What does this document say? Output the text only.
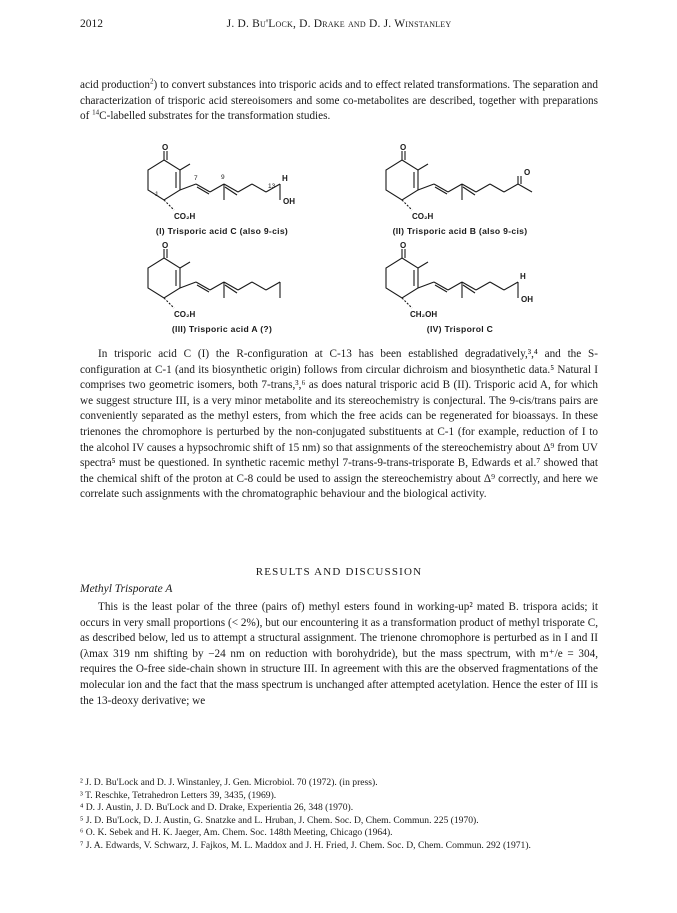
2012	J. D. Bu'Lock, D. Drake and D. J. Winstanley

acid production$^2$) to convert substances into trisporic acids and to effect related transformations. The separation and characterization of trisporic acid stereoisomers and some co-metabolites are described, together with preparations of $^{14}$C-labelled substrates for the transformation studies.

O
CO₂H
H
OH
1
7	9
13
(I) Trisporic acid C (also 9-cis)
O
CO₂H
O
(II) Trisporic acid B (also 9-cis)
O
CO₂H
(III) Trisporic acid A (?)
O
CH₂OH
H
OH
(IV) Trisporol C

In trisporic acid C (I) the R-configuration at C-13 has been established degradatively,³,⁴ and the S-configuration at C-1 (and its biosynthetic origin) follows from circular dichroism and biosynthetic data.⁵ Natural I comprises two geometric isomers, both 7-trans,³,⁶ as does natural trisporic acid B (II). Trisporic acid A, for which we suggest structure III, is a very minor metabolite and its stereochemistry is conjectural. The 9-cis/trans pairs are conveniently separated as the methyl esters, from which the free acids can be regenerated for bioassays. In these trienones the chromophore is perturbed by the non-conjugated substituents at C-1 (for example, reduction of I to the alcohol IV causes a hypsochromic shift of 15 nm) so that assignments of the stereochemistry about Δ⁹ from UV spectra⁵ must be questioned. In synthetic racemic methyl 7-trans-9-trans-trisporate B, Edwards et al.⁷ showed that the chemical shift of the proton at C-8 could be used to assign the stereochemistry about Δ⁹ correctly, and here we correlate such assignments with the chromatographic behaviour and the biological activity.

RESULTS AND DISCUSSION
Methyl Trisporate A

This is the least polar of the three (pairs of) methyl esters found in working-up² mated B. trispora acids; it occurs in very small proportions (< 2%), but our encountering it as a transformation product of methyl trisporate C, as described below, led us to attempt a structural assignment. The trienone chromophore is perturbed as in I and II (λmax 319 nm shifting by −24 nm on reduction with borohydride), but the mass spectrum, with m⁺/e = 304, requires the O-free side-chain shown in structure III. In agreement with this are the observed fragmentations of the molecular ion and the fact that the mass spectrum is unchanged after attempted acetylation. Hence the ester of III is the 13-deoxy derivative; we

² J. D. Bu'Lock and D. J. Winstanley, J. Gen. Microbiol. 70 (1972). (in press).

³ T. Reschke, Tetrahedron Letters 39, 3435, (1969).

⁴ D. J. Austin, J. D. Bu'Lock and D. Drake, Experientia 26, 348 (1970).

⁵ J. D. Bu'Lock, D. J. Austin, G. Snatzke and L. Hruban, J. Chem. Soc. D, Chem. Commun. 225 (1970).

⁶ O. K. Sebek and H. K. Jaeger, Am. Chem. Soc. 148th Meeting, Chicago (1964).

⁷ J. A. Edwards, V. Schwarz, J. Fajkos, M. L. Maddox and J. H. Fried, J. Chem. Soc. D, Chem. Commun. 292 (1971).
